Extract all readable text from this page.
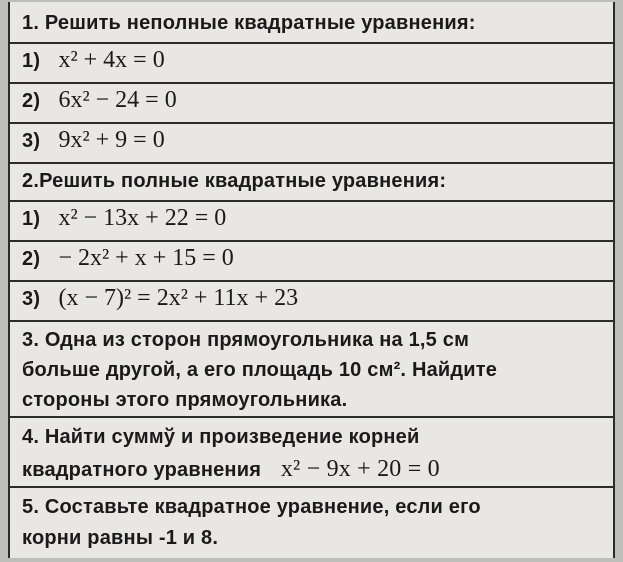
1. Решить неполные квадратные уравнения:
1) x² + 4x = 0
2) 6x² − 24 = 0
3) 9x² + 9 = 0
2.Решить полные квадратные уравнения:
1) x² − 13x + 22 = 0
2) − 2x² + x + 15 = 0
3) (x − 7)² = 2x² + 11x + 23
3. Одна из сторон прямоугольника на 1,5 см
больше другой, а его площадь 10 см². Найдите
стороны этого прямоугольника.
4. Найти суммў и произведение корней
квадратного уравнения x² − 9x + 20 = 0
5. Составьте квадратное уравнение, если его
корни равны -1 и 8.
